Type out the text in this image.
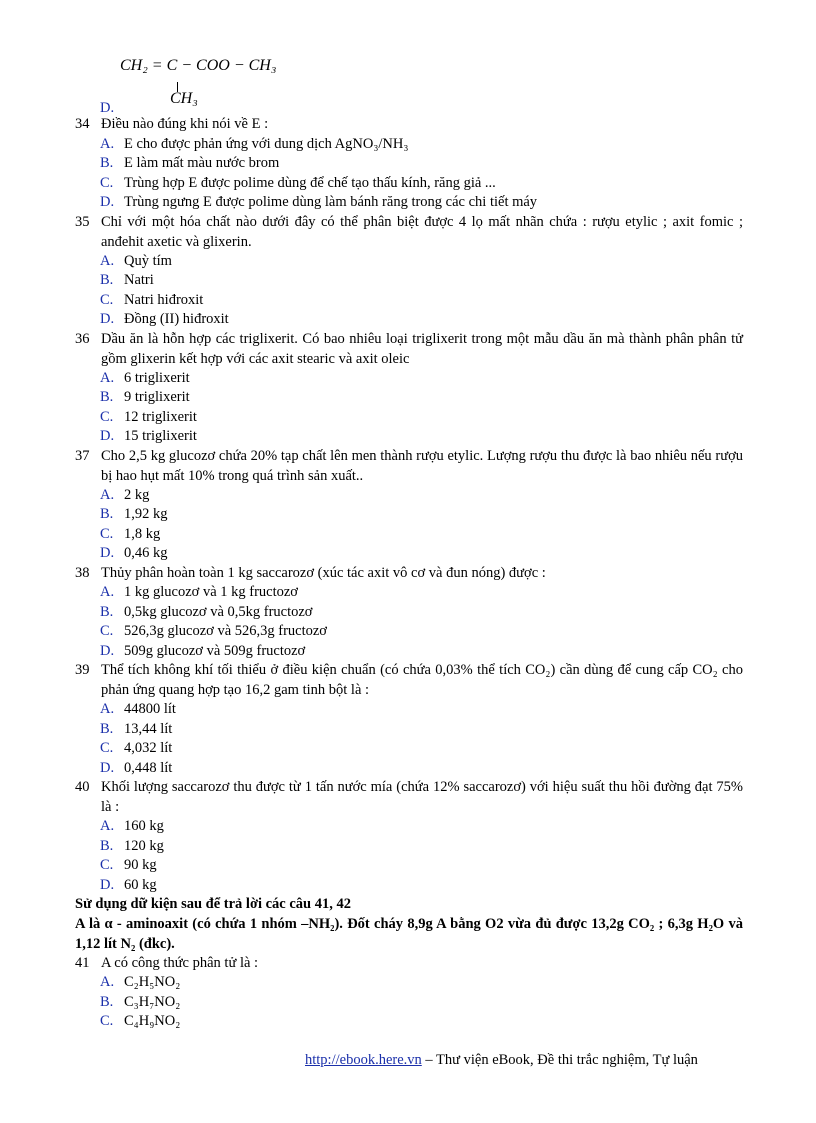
CH₂ = C − COO − CH₃
CH₃
D.
34 Điều nào đúng khi nói về E :
A. E cho được phản ứng với dung dịch AgNO₃/NH₃
B. E làm mất màu nước brom
C. Trùng hợp E được polime dùng để chế tạo thấu kính, răng giả ...
D. Trùng ngưng E được polime dùng làm bánh răng trong các chi tiết máy
35 Chỉ với một hóa chất nào dưới đây có thể phân biệt được 4 lọ mất nhãn chứa : rượu etylic ; axit fomic ; anđehit axetic và glixerin.
A. Quỳ tím
B. Natri
C. Natri hiđroxit
D. Đồng (II) hiđroxit
36 Dầu ăn là hỗn hợp các triglixerit. Có bao nhiêu loại triglixerit trong một mẫu dầu ăn mà thành phân phân tử gồm glixerin kết hợp với các axit stearic và axit oleic
A. 6 triglixerit
B. 9 triglixerit
C. 12 triglixerit
D. 15 triglixerit
37 Cho 2,5 kg glucozơ chứa 20% tạp chất lên men thành rượu etylic. Lượng rượu thu được là bao nhiêu nếu rượu bị hao hụt mất 10% trong quá trình sản xuất..
A. 2 kg
B. 1,92 kg
C. 1,8 kg
D. 0,46 kg
38 Thủy phân hoàn toàn 1 kg saccarozơ (xúc tác axit vô cơ và đun nóng) được :
A. 1 kg glucozơ và 1 kg fructozơ
B. 0,5kg glucozơ và 0,5kg fructozơ
C. 526,3g glucozơ và 526,3g fructozơ
D. 509g glucozơ và 509g fructozơ
39 Thể tích không khí tối thiểu ở điều kiện chuẩn (có chứa 0,03% thể tích CO₂) cần dùng để cung cấp CO₂ cho phản ứng quang hợp tạo 16,2 gam tinh bột là :
A. 44800 lít
B. 13,44 lít
C. 4,032 lít
D. 0,448 lít
40 Khối lượng saccarozơ thu được từ 1 tấn nước mía (chứa 12% saccarozơ) với hiệu suất thu hồi đường đạt 75% là :
A. 160 kg
B. 120 kg
C. 90 kg
D. 60 kg
Sử dụng dữ kiện sau để trả lời các câu 41, 42
A là α - aminoaxit (có chứa 1 nhóm –NH₂). Đốt cháy 8,9g A bằng O2 vừa đủ được 13,2g CO₂ ; 6,3g H₂O và 1,12 lít N₂ (đkc).
41 A có công thức phân tử là :
A. C₂H₅NO₂
B. C₃H₇NO₂
C. C₄H₉NO₂
http://ebook.here.vn – Thư viện eBook, Đề thi trắc nghiệm, Tự luận
